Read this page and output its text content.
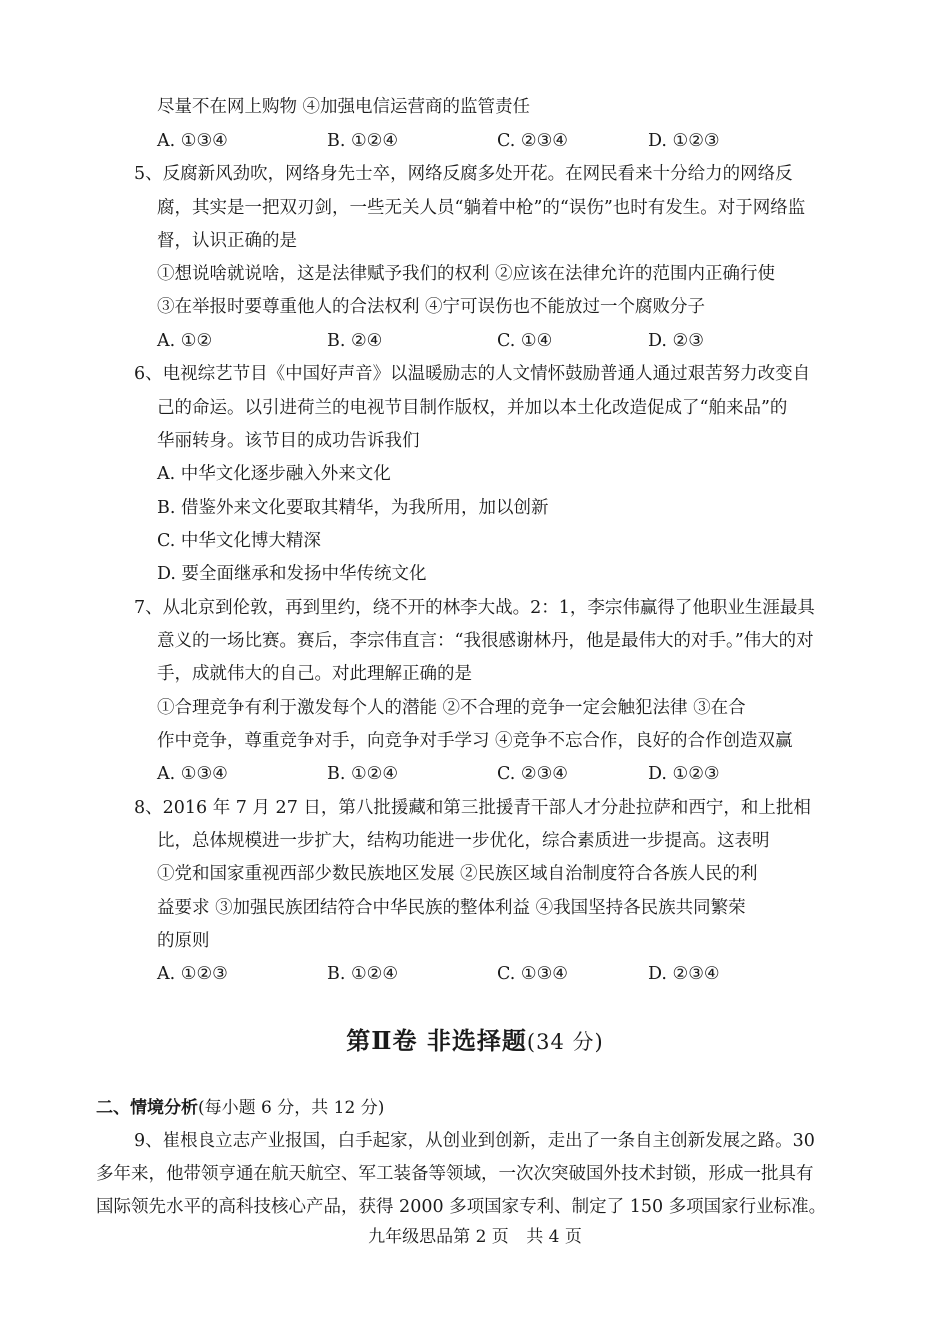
尽量不在网上购物 ④加强电信运营商的监管责任
5、反腐新风劲吹，网络身先士卒，网络反腐多处开花。在网民看来十分给力的网络反
腐，其实是一把双刃剑，一些无关人员“躺着中枪”的“误伤”也时有发生。对于网络监
督，认识正确的是
①想说啥就说啥，这是法律赋予我们的权利 ②应该在法律允许的范围内正确行使
③在举报时要尊重他人的合法权利 ④宁可误伤也不能放过一个腐败分子
6、电视综艺节目《中国好声音》以温暖励志的人文情怀鼓励普通人通过艰苦努力改变自
己的命运。以引进荷兰的电视节目制作版权，并加以本土化改造促成了“舶来品”的
华丽转身。该节目的成功告诉我们
A. 中华文化逐步融入外来文化
B. 借鉴外来文化要取其精华，为我所用，加以创新
C. 中华文化博大精深
D. 要全面继承和发扬中华传统文化
7、从北京到伦敦，再到里约，绕不开的林李大战。2：1，李宗伟赢得了他职业生涯最具
意义的一场比赛。赛后，李宗伟直言：“我很感谢林丹，他是最伟大的对手。”伟大的对
手，成就伟大的自己。对此理解正确的是
①合理竞争有利于激发每个人的潜能 ②不合理的竞争一定会触犯法律 ③在合
作中竞争，尊重竞争对手，向竞争对手学习 ④竞争不忘合作，良好的合作创造双赢
8、2016 年 7 月 27 日，第八批援藏和第三批援青干部人才分赴拉萨和西宁，和上批相
比，总体规模进一步扩大，结构功能进一步优化，综合素质进一步提高。这表明
①党和国家重视西部少数民族地区发展 ②民族区域自治制度符合各族人民的利
益要求 ③加强民族团结符合中华民族的整体利益 ④我国坚持各民族共同繁荣
的原则
9、崔根良立志产业报国，白手起家，从创业到创新，走出了一条自主创新发展之路。30
多年来，他带领亨通在航天航空、军工装备等领域，一次次突破国外技术封锁，形成一批具有
国际领先水平的高科技核心产品，获得 2000 多项国家专利、制定了 150 多项国家行业标准。
A. ①③④	B. ①②④	C. ②③④	D. ①②③
A. ①②	B. ②④	C. ①④	D. ②③
A. ①③④	B. ①②④	C. ②③④	D. ①②③
A. ①②③	B. ①②④	C. ①③④	D. ②③④
第Ⅱ卷 非选择题(34 分)
二、情境分析(每小题 6 分，共 12 分)
九年级思品第 2 页 共 4 页
